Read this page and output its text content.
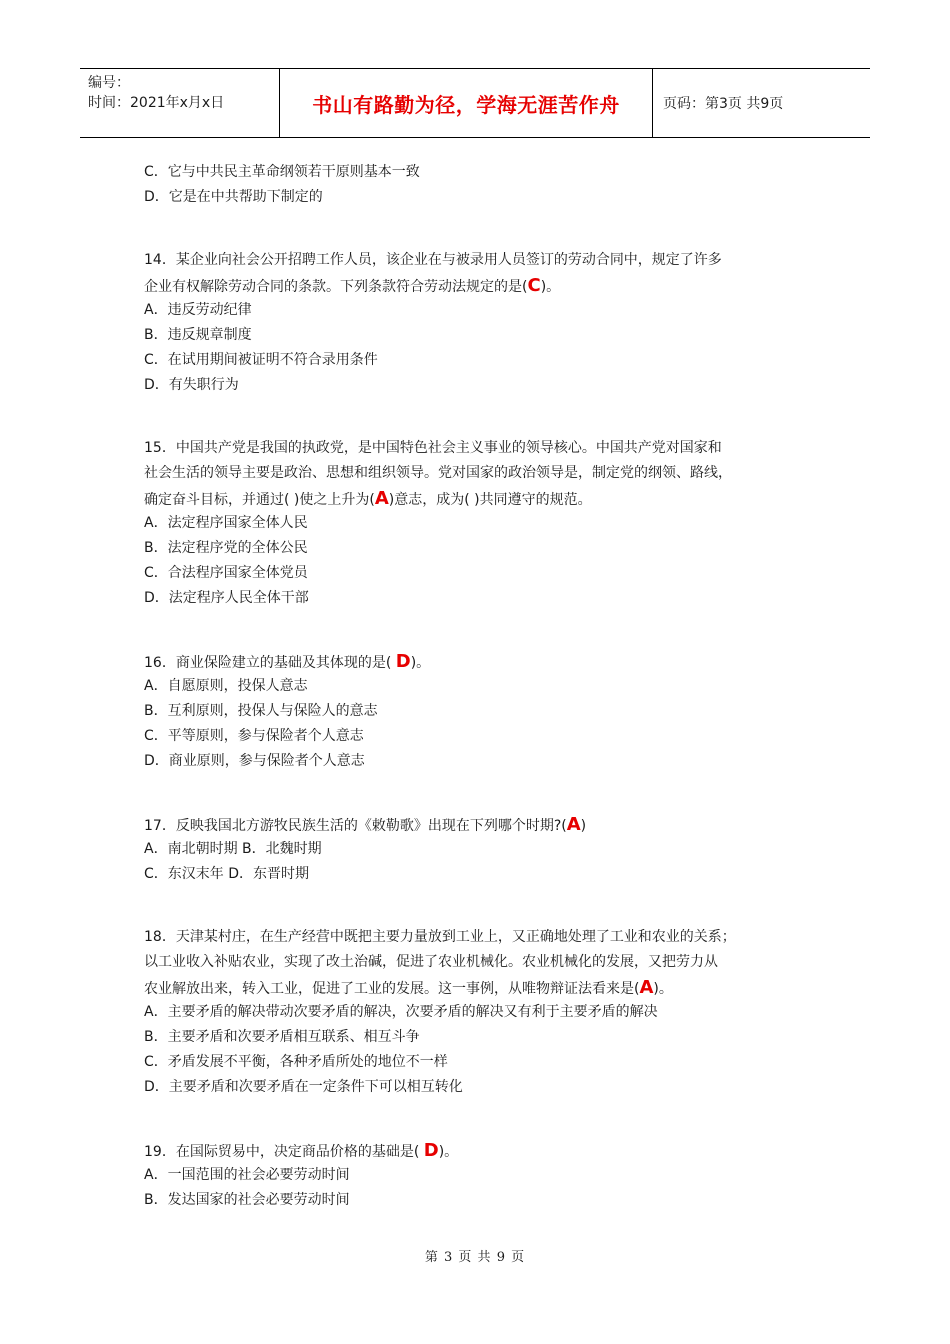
编号：
时间：2021年x月x日	书山有路勤为径，学海无涯苦作舟	页码：第3页 共9页
C．它与中共民主革命纲领若干原则基本一致
D．它是在中共帮助下制定的
14．某企业向社会公开招聘工作人员，该企业在与被录用人员签订的劳动合同中，规定了许多
企业有权解除劳动合同的条款。下列条款符合劳动法规定的是(C)。
A．违反劳动纪律
B．违反规章制度
C．在试用期间被证明不符合录用条件
D．有失职行为
15．中国共产党是我国的执政党，是中国特色社会主义事业的领导核心。中国共产党对国家和
社会生活的领导主要是政治、思想和组织领导。党对国家的政治领导是，制定党的纲领、路线，
确定奋斗目标，并通过( )使之上升为(A)意志，成为( )共同遵守的规范。
A．法定程序国家全体人民
B．法定程序党的全体公民
C．合法程序国家全体党员
D．法定程序人民全体干部
16．商业保险建立的基础及其体现的是( D)。
A．自愿原则，投保人意志
B．互利原则，投保人与保险人的意志
C．平等原则，参与保险者个人意志
D．商业原则，参与保险者个人意志
17．反映我国北方游牧民族生活的《敕勒歌》出现在下列哪个时期?(A)
A．南北朝时期 B．北魏时期
C．东汉末年 D．东晋时期
18．天津某村庄，在生产经营中既把主要力量放到工业上，又正确地处理了工业和农业的关系；
以工业收入补贴农业，实现了改土治碱，促进了农业机械化。农业机械化的发展，又把劳力从
农业解放出来，转入工业，促进了工业的发展。这一事例，从唯物辩证法看来是(A)。
A．主要矛盾的解决带动次要矛盾的解决，次要矛盾的解决又有利于主要矛盾的解决
B．主要矛盾和次要矛盾相互联系、相互斗争
C．矛盾发展不平衡，各种矛盾所处的地位不一样
D．主要矛盾和次要矛盾在一定条件下可以相互转化
19．在国际贸易中，决定商品价格的基础是( D)。
A．一国范围的社会必要劳动时间
B．发达国家的社会必要劳动时间
第 3 页 共 9 页
